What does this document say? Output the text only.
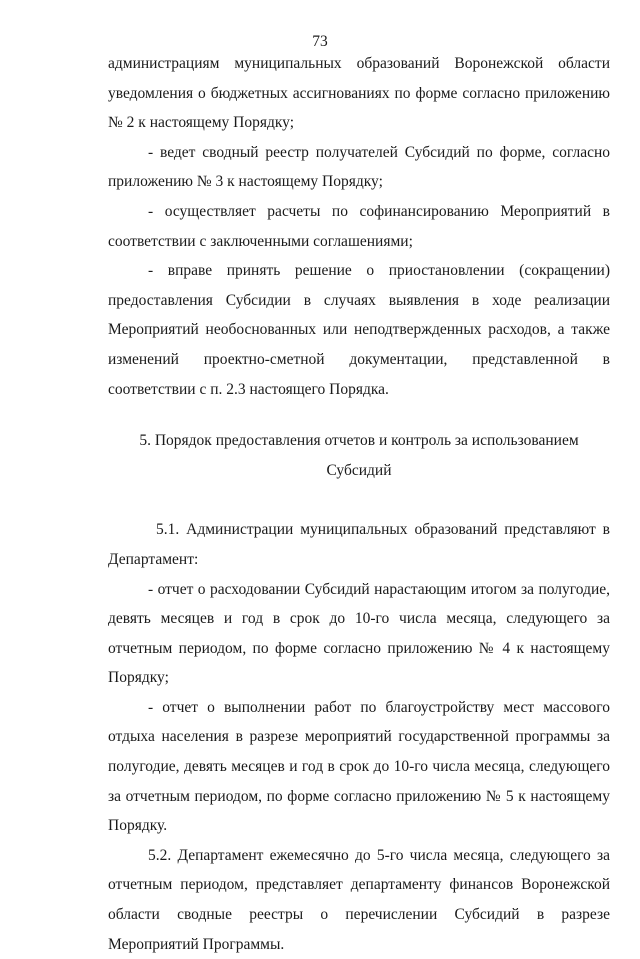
73

администрациям муниципальных образований Воронежской области уведомления о бюджетных ассигнованиях по форме согласно приложению № 2 к настоящему Порядку;

- ведет сводный реестр получателей Субсидий по форме, согласно приложению № 3 к настоящему Порядку;

- осуществляет расчеты по софинансированию Мероприятий в соответствии с заключенными соглашениями;

- вправе принять решение о приостановлении (сокращении) предоставления Субсидии в случаях выявления в ходе реализации Мероприятий необоснованных или неподтвержденных расходов, а также изменений проектно-сметной документации, представленной в соответствии с п. 2.3 настоящего Порядка.

5. Порядок предоставления отчетов и контроль за использованием

Субсидий

5.1. Администрации муниципальных образований представляют в Департамент:

- отчет о расходовании Субсидий нарастающим итогом за полугодие, девять месяцев и год в срок до 10-го числа месяца, следующего за отчетным периодом, по форме согласно приложению № 4 к настоящему Порядку;

- отчет о выполнении работ по благоустройству мест массового отдыха населения в разрезе мероприятий государственной программы за полугодие, девять месяцев и год в срок до 10-го числа месяца, следующего за отчетным периодом, по форме согласно приложению № 5 к настоящему Порядку.

5.2. Департамент ежемесячно до 5-го числа месяца, следующего за отчетным периодом, представляет департаменту финансов Воронежской области сводные реестры о перечислении Субсидий в разрезе Мероприятий Программы.
